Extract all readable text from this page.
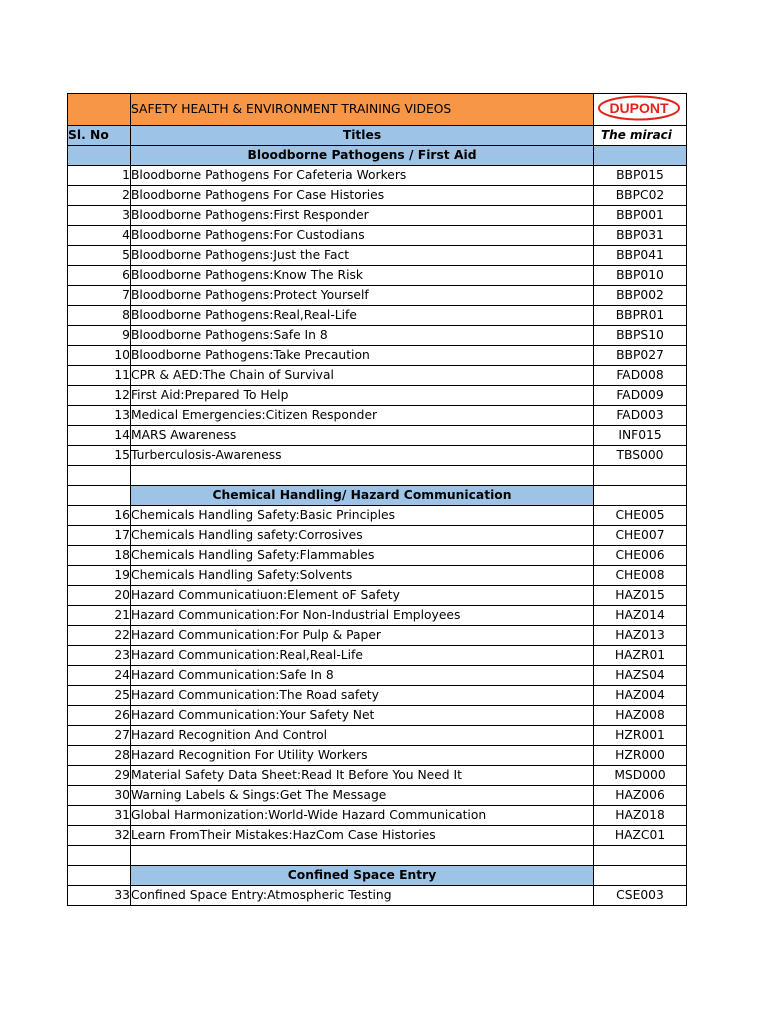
	SAFETY HEALTH & ENVIRONMENT TRAINING VIDEOS	DUPONT

Sl. No	Titles	The miraci

	Bloodborne Pathogens / First Aid	
1	Bloodborne Pathogens For Cafeteria Workers	BBP015
2	Bloodborne Pathogens For Case Histories	BBPC02
3	Bloodborne Pathogens:First Responder	BBP001
4	Bloodborne Pathogens:For Custodians	BBP031
5	Bloodborne Pathogens:Just the Fact	BBP041
6	Bloodborne Pathogens:Know The Risk	BBP010
7	Bloodborne Pathogens:Protect Yourself	BBP002
8	Bloodborne Pathogens:Real,Real-Life	BBPR01
9	Bloodborne Pathogens:Safe In 8	BBPS10
10	Bloodborne Pathogens:Take Precaution	BBP027
11	CPR & AED:The Chain of Survival	FAD008
12	First Aid:Prepared To Help	FAD009
13	Medical Emergencies:Citizen Responder	FAD003
14	MARS Awareness	INF015
15	Turberculosis-Awareness	TBS000

	Chemical Handling/ Hazard Communication	
16	Chemicals Handling Safety:Basic Principles	CHE005
17	Chemicals Handling safety:Corrosives	CHE007
18	Chemicals Handling Safety:Flammables	CHE006
19	Chemicals Handling Safety:Solvents	CHE008
20	Hazard Communicatiuon:Element oF Safety	HAZ015
21	Hazard Communication:For Non-Industrial Employees	HAZ014
22	Hazard Communication:For Pulp & Paper	HAZ013
23	Hazard Communication:Real,Real-Life	HAZR01
24	Hazard Communication:Safe In 8	HAZS04
25	Hazard Communication:The Road safety	HAZ004
26	Hazard Communication:Your Safety Net	HAZ008
27	Hazard Recognition And Control	HZR001
28	Hazard Recognition For Utility Workers	HZR000
29	Material Safety Data Sheet:Read It Before You Need It	MSD000
30	Warning Labels & Sings:Get The Message	HAZ006
31	Global Harmonization:World-Wide Hazard Communication	HAZ018
32	Learn FromTheir Mistakes:HazCom Case Histories	HAZC01

	Confined Space Entry	
33	Confined Space Entry:Atmospheric Testing	CSE003
